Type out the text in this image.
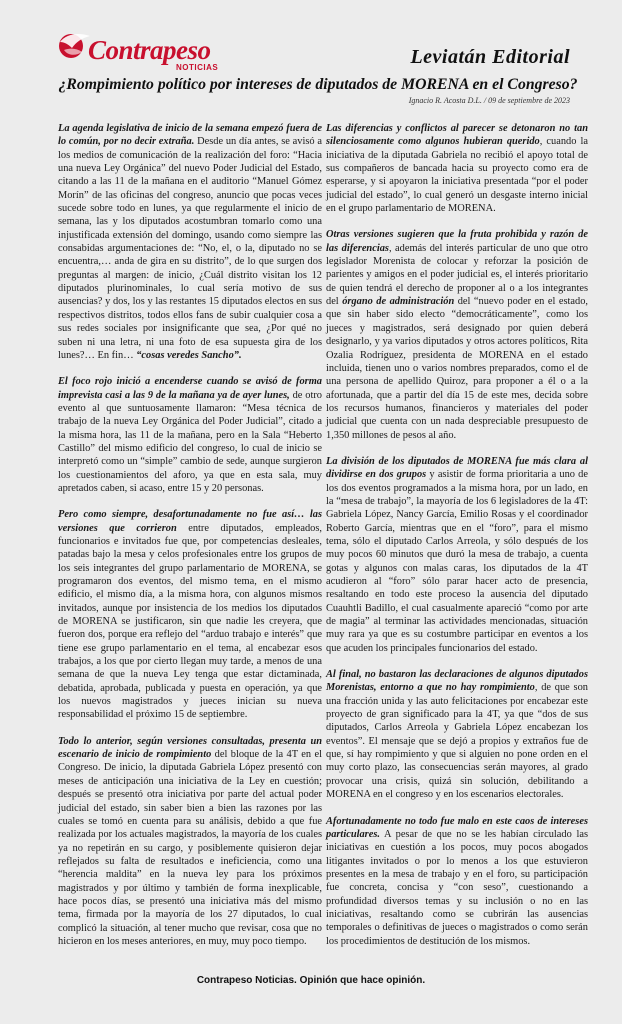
Contrapeso
NOTICIAS	Leviatán Editorial
¿Rompimiento político por intereses de diputados de MORENA en el Congreso?
Ignacio R. Acosta D.L. / 09 de septiembre de 2023

La agenda legislativa de inicio de la semana empezó fuera de lo común, por no decir extraña. Desde un día antes, se avisó a los medios de comunicación de la realización del foro: “Hacia una nueva Ley Orgánica” del nuevo Poder Judicial del Estado, citando a las 11 de la mañana en el auditorio “Manuel Gómez Morín” de las oficinas del congreso, anuncio que pocas veces sucede sobre todo en lunes, ya que regularmente el inicio de semana, las y los diputados acostumbran tomarlo como una injustificada extensión del domingo, usando como siempre las consabidas argumentaciones de: “No, el, o la, diputado no se encuentra,… anda de gira en su distrito”, de lo que surgen dos preguntas al margen: de inicio, ¿Cuál distrito visitan los 12 diputados plurinominales, lo cual sería motivo de sus ausencias? y dos, los y las restantes 15 diputados electos en sus respectivos distritos, todos ellos fans de subir cualquier cosa a sus redes sociales por insignificante que sea, ¿Por qué no suben ni una letra, ni una foto de esa supuesta gira de los lunes?… En fin… “cosas veredes Sancho”.

El foco rojo inició a encenderse cuando se avisó de forma imprevista casi a las 9 de la mañana ya de ayer lunes, de otro evento al que suntuosamente llamaron: “Mesa técnica de trabajo de la nueva Ley Orgánica del Poder Judicial”, citado a la misma hora, las 11 de la mañana, pero en la Sala “Heberto Castillo” del mismo edificio del congreso, lo cual de inicio se interpretó como un “simple” cambio de sede, aunque surgieron los cuestionamientos del aforo, ya que en esta sala, muy apretados caben, si acaso, entre 15 y 20 personas.

Pero como siempre, desafortunadamente no fue así… las versiones que corrieron entre diputados, empleados, funcionarios e invitados fue que, por competencias desleales, patadas bajo la mesa y celos profesionales entre los grupos de los seis integrantes del grupo parlamentario de MORENA, se programaron dos eventos, del mismo tema, en el mismo edificio, el mismo día, a la misma hora, con algunos mismos invitados, aunque por insistencia de los medios los diputados de MORENA se justificaron, sin que nadie les creyera, que fueron dos, porque era reflejo del “arduo trabajo e interés” que tiene ese grupo parlamentario en el tema, al encabezar esos trabajos, a los que por cierto llegan muy tarde, a menos de una semana de que la nueva Ley tenga que estar dictaminada, debatida, aprobada, publicada y puesta en operación, ya que los nuevos magistrados y jueces inician su nueva responsabilidad el próximo 15 de septiembre.

Todo lo anterior, según versiones consultadas, presenta un escenario de inicio de rompimiento del bloque de la 4T en el Congreso. De inicio, la diputada Gabriela López presentó con meses de anticipación una iniciativa de la Ley en cuestión; después se presentó otra iniciativa por parte del actual poder judicial del estado, sin saber bien a bien las razones por las cuales se tomó en cuenta para su análisis, debido a que fue realizada por los actuales magistrados, la mayoría de los cuales ya no repetirán en su cargo, y posiblemente quisieron dejar reflejados su falta de resultados e ineficiencia, como una “herencia maldita” en la nueva ley para los próximos magistrados y por último y también de forma inexplicable, hace pocos días, se presentó una iniciativa más del mismo tema, firmada por la mayoría de los 27 diputados, lo cual complicó la situación, al tener mucho que revisar, cosa que no hicieron en los meses anteriores, en muy, muy poco tiempo.

Las diferencias y conflictos al parecer se detonaron no tan silenciosamente como algunos hubieran querido, cuando la iniciativa de la diputada Gabriela no recibió el apoyo total de sus compañeros de bancada hacia su proyecto como era de esperarse, y si apoyaron la iniciativa presentada “por el poder judicial del estado”, lo cual generó un desgaste interno inicial en el grupo parlamentario de MORENA.

Otras versiones sugieren que la fruta prohibida y razón de las diferencias, además del interés particular de uno que otro legislador Morenista de colocar y reforzar la posición de parientes y amigos en el poder judicial es, el interés prioritario de quien tendrá el derecho de proponer al o a los integrantes del órgano de administración del “nuevo poder en el estado, que sin haber sido electo “democráticamente”, como los jueces y magistrados, será designado por quien deberá designarlo, y ya varios diputados y otros actores políticos, Rita Ozalia Rodríguez, presidenta de MORENA en el estado incluida, tienen uno o varios nombres preparados, como el de una persona de apellido Quiroz, para proponer a él o a la afortunada, que a partir del día 15 de este mes, decida sobre los recursos humanos, financieros y materiales del poder judicial que cuenta con un nada despreciable presupuesto de 1,350 millones de pesos al año.

La división de los diputados de MORENA fue más clara al dividirse en dos grupos y asistir de forma prioritaria a uno de los dos eventos programados a la misma hora, por un lado, en la “mesa de trabajo”, la mayoría de los 6 legisladores de la 4T: Gabriela López, Nancy García, Emilio Rosas y el coordinador Roberto García, mientras que en el “foro”, para el mismo tema, sólo el diputado Carlos Arreola, y sólo después de los muy pocos 60 minutos que duró la mesa de trabajo, a cuenta gotas y algunos con malas caras, los diputados de la 4T acudieron al “foro” sólo parar hacer acto de presencia, resaltando en todo este proceso la ausencia del diputado Cuauhtli Badillo, el cual casualmente apareció “como por arte de magia” al terminar las actividades mencionadas, situación muy rara ya que es su costumbre participar en eventos a los que acuden los principales funcionarios del estado.

Al final, no bastaron las declaraciones de algunos diputados Morenistas, entorno a que no hay rompimiento, de que son una fracción unida y las auto felicitaciones por encabezar este proyecto de gran significado para la 4T, ya que “dos de sus diputados, Carlos Arreola y Gabriela López encabezan los eventos”. El mensaje que se dejó a propios y extraños fue de que, sí hay rompimiento y que si alguien no pone orden en el muy corto plazo, las consecuencias serán mayores, al grado provocar una crisis, quizá sin solución, debilitando a MORENA en el congreso y en los escenarios electorales.

Afortunadamente no todo fue malo en este caos de intereses particulares. A pesar de que no se les habían circulado las iniciativas en cuestión a los pocos, muy pocos abogados litigantes invitados o por lo menos a los que estuvieron presentes en la mesa de trabajo y en el foro, su participación fue concreta, concisa y “con seso”, cuestionando a profundidad diversos temas y su inclusión o no en las iniciativas, resaltando como se cubrirán las ausencias temporales o definitivas de jueces o magistrados o como serán los procedimientos de destitución de los mismos.

Contrapeso Noticias. Opinión que hace opinión.
